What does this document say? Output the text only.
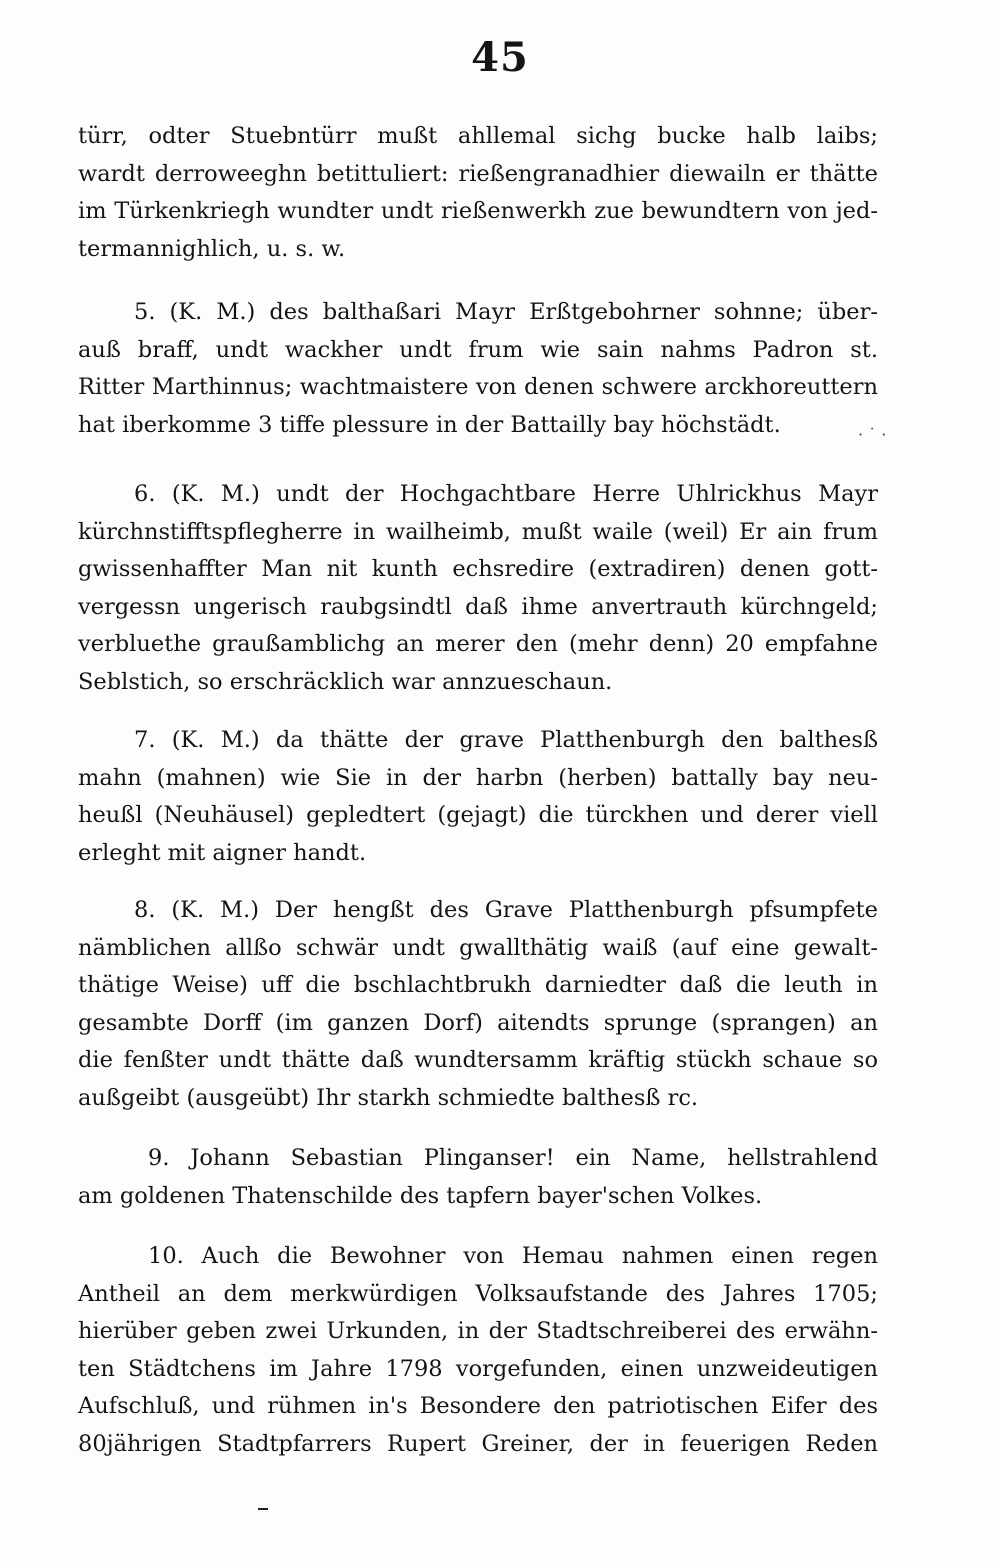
45
türr, odter Stuebntürr mußt ahllemal sichg bucke halb laibs;
wardt derroweeghn betittuliert: rießengranadhier diewailn er thätte
im Türkenkriegh wundter undt rießenwerkh zue bewundtern von jed-
termannighlich, u. s. w.
5. (K. M.) des balthaßari Mayr Erßtgebohrner sohnne; über-
auß braff, undt wackher undt frum wie sain nahms Padron st.
Ritter Marthinnus; wachtmaistere von denen schwere arckhoreuttern
hat iberkomme 3 tiffe plessure in der Battailly bay höchstädt.	· ˙ ·
6. (K. M.) undt der Hochgachtbare Herre Uhlrickhus Mayr
kürchnstifftspflegherre in wailheimb, mußt waile (weil) Er ain frum
gwissenhaffter Man nit kunth echsredire (extradiren) denen gott-
vergessn ungerisch raubgsindtl daß ihme anvertrauth kürchngeld;
verbluethe graußamblichg an merer den (mehr denn) 20 empfahne
Seblstich, so erschräcklich war annzueschaun.
7. (K. M.) da thätte der grave Platthenburgh den balthesß
mahn (mahnen) wie Sie in der harbn (herben) battally bay neu-
heußl (Neuhäusel) gepledtert (gejagt) die türckhen und derer viell
erleght mit aigner handt.
8. (K. M.) Der hengßt des Grave Platthenburgh pfsumpfete
nämblichen allßo schwär undt gwallthätig waiß (auf eine gewalt-
thätige Weise) uff die bschlachtbrukh darniedter daß die leuth in
gesambte Dorff (im ganzen Dorf) aitendts sprunge (sprangen) an
die fenßter undt thätte daß wundtersamm kräftig stückh schaue so
außgeibt (ausgeübt) Ihr starkh schmiedte balthesß rc.
9. Johann Sebastian Plinganser! ein Name, hellstrahlend
am goldenen Thatenschilde des tapfern bayer'schen Volkes.
10. Auch die Bewohner von Hemau nahmen einen regen
Antheil an dem merkwürdigen Volksaufstande des Jahres 1705;
hierüber geben zwei Urkunden, in der Stadtschreiberei des erwähn-
ten Städtchens im Jahre 1798 vorgefunden, einen unzweideutigen
Aufschluß, und rühmen in's Besondere den patriotischen Eifer des
80jährigen Stadtpfarrers Rupert Greiner, der in feuerigen Reden
